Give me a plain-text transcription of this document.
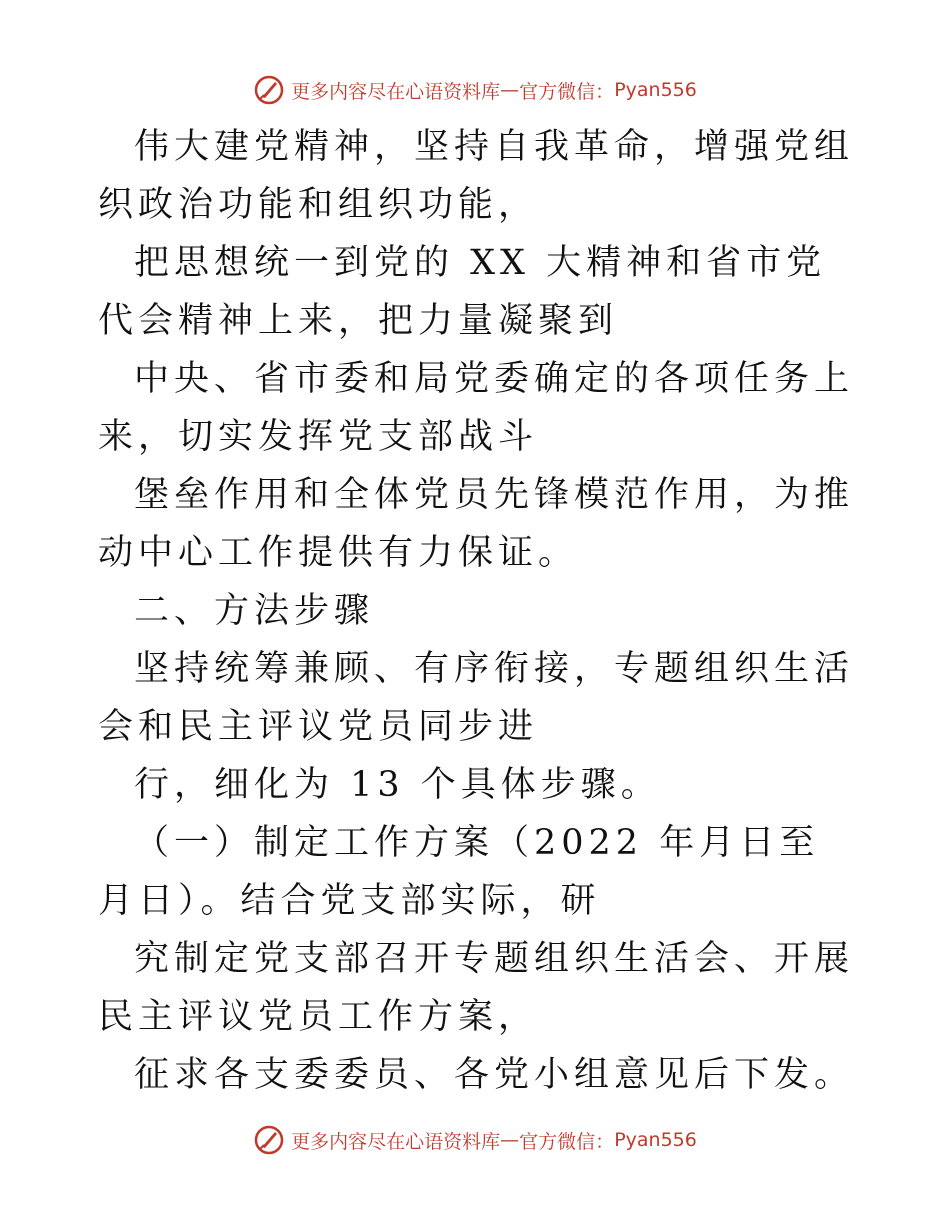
更多内容尽在心语资料库 — 官方微信： Pyan556

伟大建党精神，坚持自我革命，增强党组织政治功能和组织功能，

把思想统一到党的 XX 大精神和省市党代会精神上来，把力量凝聚到

中央、省市委和局党委确定的各项任务上来，切实发挥党支部战斗

堡垒作用和全体党员先锋模范作用，为推动中心工作提供有力保证。

二、方法步骤

坚持统筹兼顾、有序衔接，专题组织生活会和民主评议党员同步进

行，细化为 13 个具体步骤。

（一）制定工作方案（2022 年月日至月日）。结合党支部实际，研

究制定党支部召开专题组织生活会、开展民主评议党员工作方案，

征求各支委委员、各党小组意见后下发。

更多内容尽在心语资料库 — 官方微信： Pyan556
